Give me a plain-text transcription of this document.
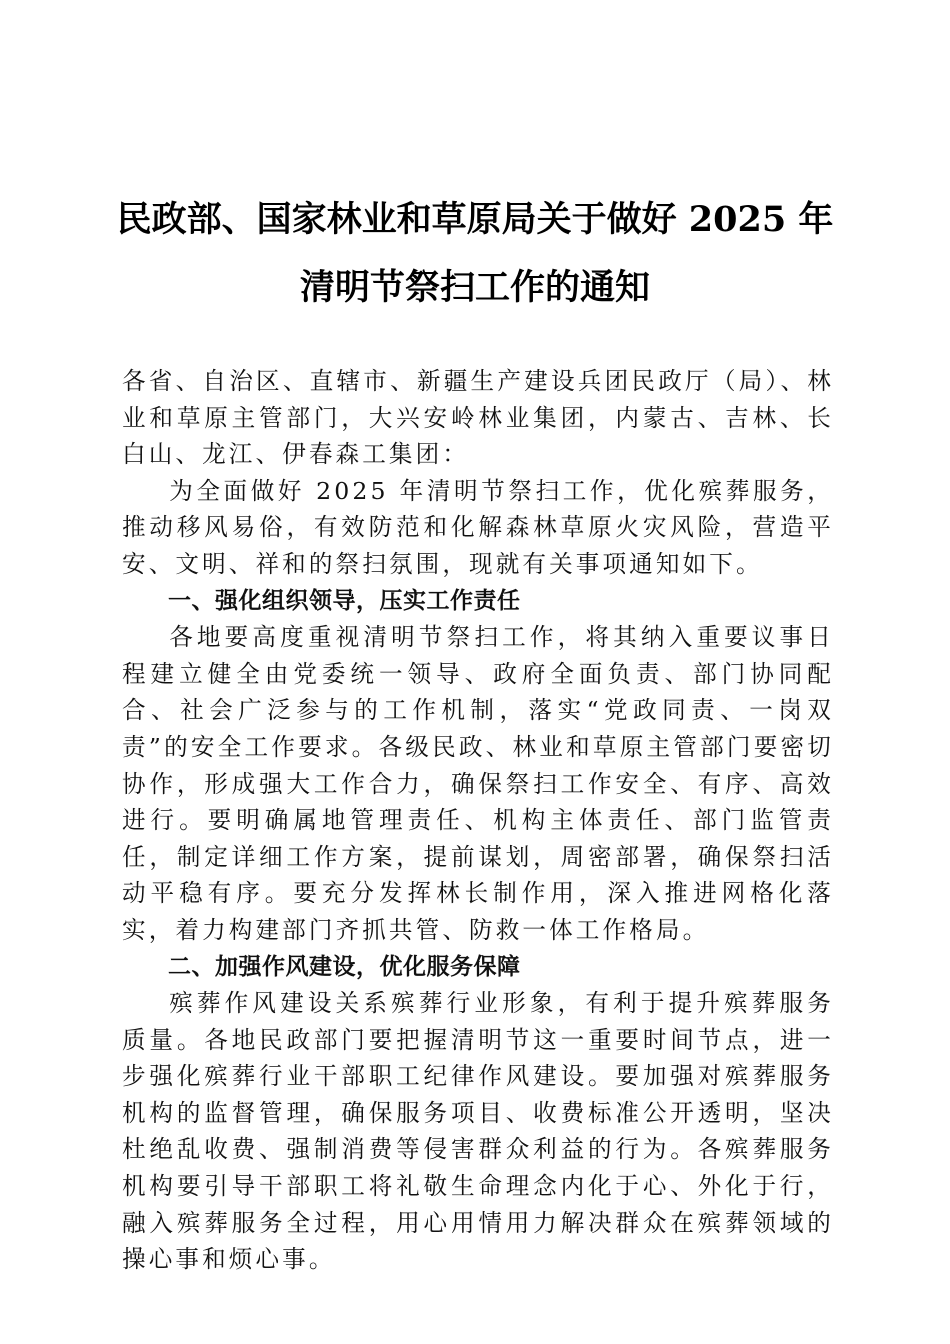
民政部、国家林业和草原局关于做好 2025 年
清明节祭扫工作的通知

各省、自治区、直辖市、新疆生产建设兵团民政厅（局）、林业和草原主管部门，大兴安岭林业集团，内蒙古、吉林、长白山、龙江、伊春森工集团：

为全面做好 2025 年清明节祭扫工作，优化殡葬服务，推动移风易俗，有效防范和化解森林草原火灾风险，营造平安、文明、祥和的祭扫氛围，现就有关事项通知如下。

一、强化组织领导，压实工作责任

各地要高度重视清明节祭扫工作，将其纳入重要议事日程建立健全由党委统一领导、政府全面负责、部门协同配合、社会广泛参与的工作机制，落实“党政同责、一岗双责”的安全工作要求。各级民政、林业和草原主管部门要密切协作，形成强大工作合力，确保祭扫工作安全、有序、高效进行。要明确属地管理责任、机构主体责任、部门监管责任，制定详细工作方案，提前谋划，周密部署，确保祭扫活动平稳有序。要充分发挥林长制作用，深入推进网格化落实，着力构建部门齐抓共管、防救一体工作格局。

二、加强作风建设，优化服务保障

殡葬作风建设关系殡葬行业形象，有利于提升殡葬服务质量。各地民政部门要把握清明节这一重要时间节点，进一步强化殡葬行业干部职工纪律作风建设。要加强对殡葬服务机构的监督管理，确保服务项目、收费标准公开透明，坚决杜绝乱收费、强制消费等侵害群众利益的行为。各殡葬服务机构要引导干部职工将礼敬生命理念内化于心、外化于行，融入殡葬服务全过程，用心用情用力解决群众在殡葬领域的操心事和烦心事。
